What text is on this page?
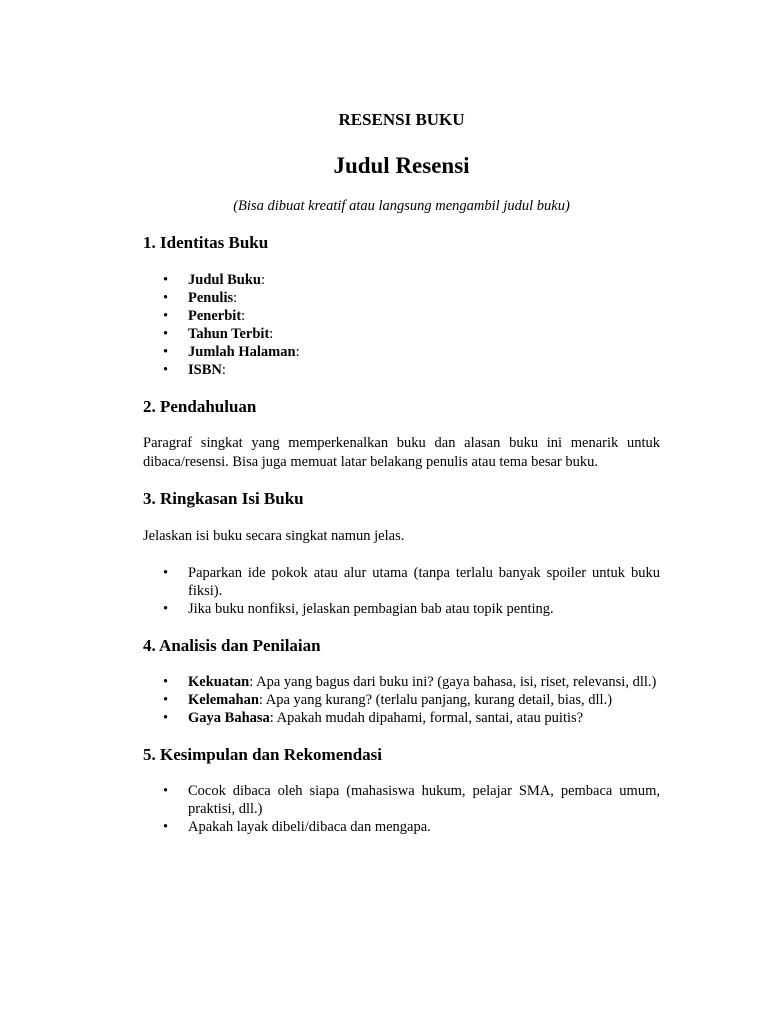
RESENSI BUKU

Judul Resensi

(Bisa dibuat kreatif atau langsung mengambil judul buku)

1. Identitas Buku

• Judul Buku:
• Penulis:
• Penerbit:
• Tahun Terbit:
• Jumlah Halaman:
• ISBN:

2. Pendahuluan

Paragraf singkat yang memperkenalkan buku dan alasan buku ini menarik untuk dibaca/resensi. Bisa juga memuat latar belakang penulis atau tema besar buku.

3. Ringkasan Isi Buku

Jelaskan isi buku secara singkat namun jelas.

• Paparkan ide pokok atau alur utama (tanpa terlalu banyak spoiler untuk buku fiksi).
• Jika buku nonfiksi, jelaskan pembagian bab atau topik penting.

4. Analisis dan Penilaian

• Kekuatan: Apa yang bagus dari buku ini? (gaya bahasa, isi, riset, relevansi, dll.)
• Kelemahan: Apa yang kurang? (terlalu panjang, kurang detail, bias, dll.)
• Gaya Bahasa: Apakah mudah dipahami, formal, santai, atau puitis?

5. Kesimpulan dan Rekomendasi

• Cocok dibaca oleh siapa (mahasiswa hukum, pelajar SMA, pembaca umum, praktisi, dll.)
• Apakah layak dibeli/dibaca dan mengapa.
